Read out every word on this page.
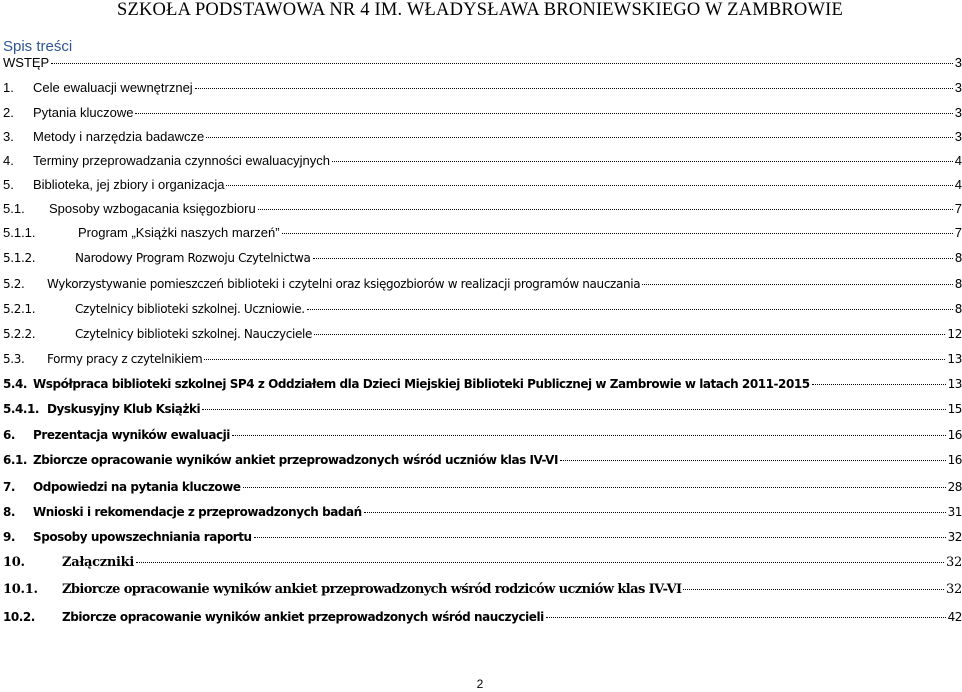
SZKOŁA PODSTAWOWA NR 4 IM. WŁADYSŁAWA BRONIEWSKIEGO W ZAMBROWIE
Spis treści
WSTĘP	3
1.	Cele ewaluacji wewnętrznej	3
2.	Pytania kluczowe	3
3.	Metody i narzędzia badawcze	3
4.	Terminy przeprowadzania czynności ewaluacyjnych	4
5.	Biblioteka, jej zbiory i organizacja	4
5.1.	Sposoby wzbogacania księgozbioru	7
5.1.1.	Program „Książki naszych marzeń”	7
5.1.2.	Narodowy Program Rozwoju Czytelnictwa	8
5.2.	Wykorzystywanie pomieszczeń biblioteki i czytelni oraz księgozbiorów w realizacji programów nauczania	8
5.2.1.	Czytelnicy biblioteki szkolnej. Uczniowie.	8
5.2.2.	Czytelnicy biblioteki szkolnej. Nauczyciele	12
5.3.	Formy pracy z czytelnikiem	13
5.4. Współpraca biblioteki szkolnej SP4 z Oddziałem dla Dzieci Miejskiej Biblioteki Publicznej w Zambrowie w latach 2011-2015	13
5.4.1. Dyskusyjny Klub Książki	15
6.	Prezentacja wyników ewaluacji	16
6.1. Zbiorcze opracowanie wyników ankiet przeprowadzonych wśród uczniów klas IV-VI	16
7.	Odpowiedzi na pytania kluczowe	28
8.	Wnioski i rekomendacje z przeprowadzonych badań	31
9.	Sposoby upowszechniania raportu	32
10.	Załączniki	32
10.1.	Zbiorcze opracowanie wyników ankiet przeprowadzonych wśród rodziców uczniów klas IV-VI	32
10.2.	Zbiorcze opracowanie wyników ankiet przeprowadzonych wśród nauczycieli	42
2
